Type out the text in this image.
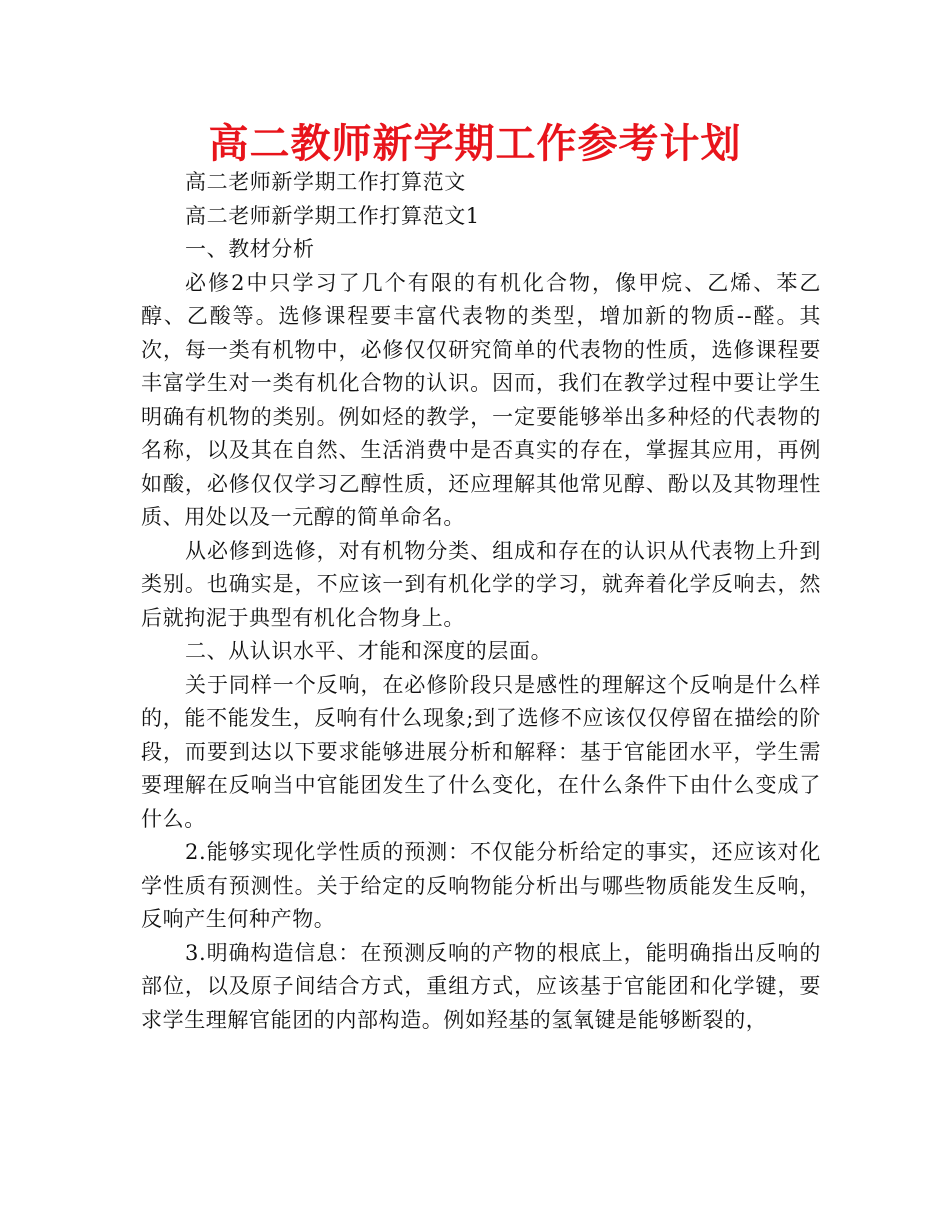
高二教师新学期工作参考计划

高二老师新学期工作打算范文

高二老师新学期工作打算范文1

一、教材分析

必修2中只学习了几个有限的有机化合物，像甲烷、乙烯、苯乙醇、乙酸等。选修课程要丰富代表物的类型，增加新的物质--醛。其次，每一类有机物中，必修仅仅研究简单的代表物的性质，选修课程要丰富学生对一类有机化合物的认识。因而，我们在教学过程中要让学生明确有机物的类别。例如烃的教学，一定要能够举出多种烃的代表物的名称，以及其在自然、生活消费中是否真实的存在，掌握其应用，再例如酸，必修仅仅学习乙醇性质，还应理解其他常见醇、酚以及其物理性质、用处以及一元醇的简单命名。

从必修到选修，对有机物分类、组成和存在的认识从代表物上升到类别。也确实是，不应该一到有机化学的学习，就奔着化学反响去，然后就拘泥于典型有机化合物身上。

二、从认识水平、才能和深度的层面。

关于同样一个反响，在必修阶段只是感性的理解这个反响是什么样的，能不能发生，反响有什么现象;到了选修不应该仅仅停留在描绘的阶段，而要到达以下要求能够进展分析和解释：基于官能团水平，学生需要理解在反响当中官能团发生了什么变化，在什么条件下由什么变成了什么。

2.能够实现化学性质的预测：不仅能分析给定的事实，还应该对化学性质有预测性。关于给定的反响物能分析出与哪些物质能发生反响，反响产生何种产物。

3.明确构造信息：在预测反响的产物的根底上，能明确指出反响的部位，以及原子间结合方式，重组方式，应该基于官能团和化学键，要求学生理解官能团的内部构造。例如羟基的氢氧键是能够断裂的，
